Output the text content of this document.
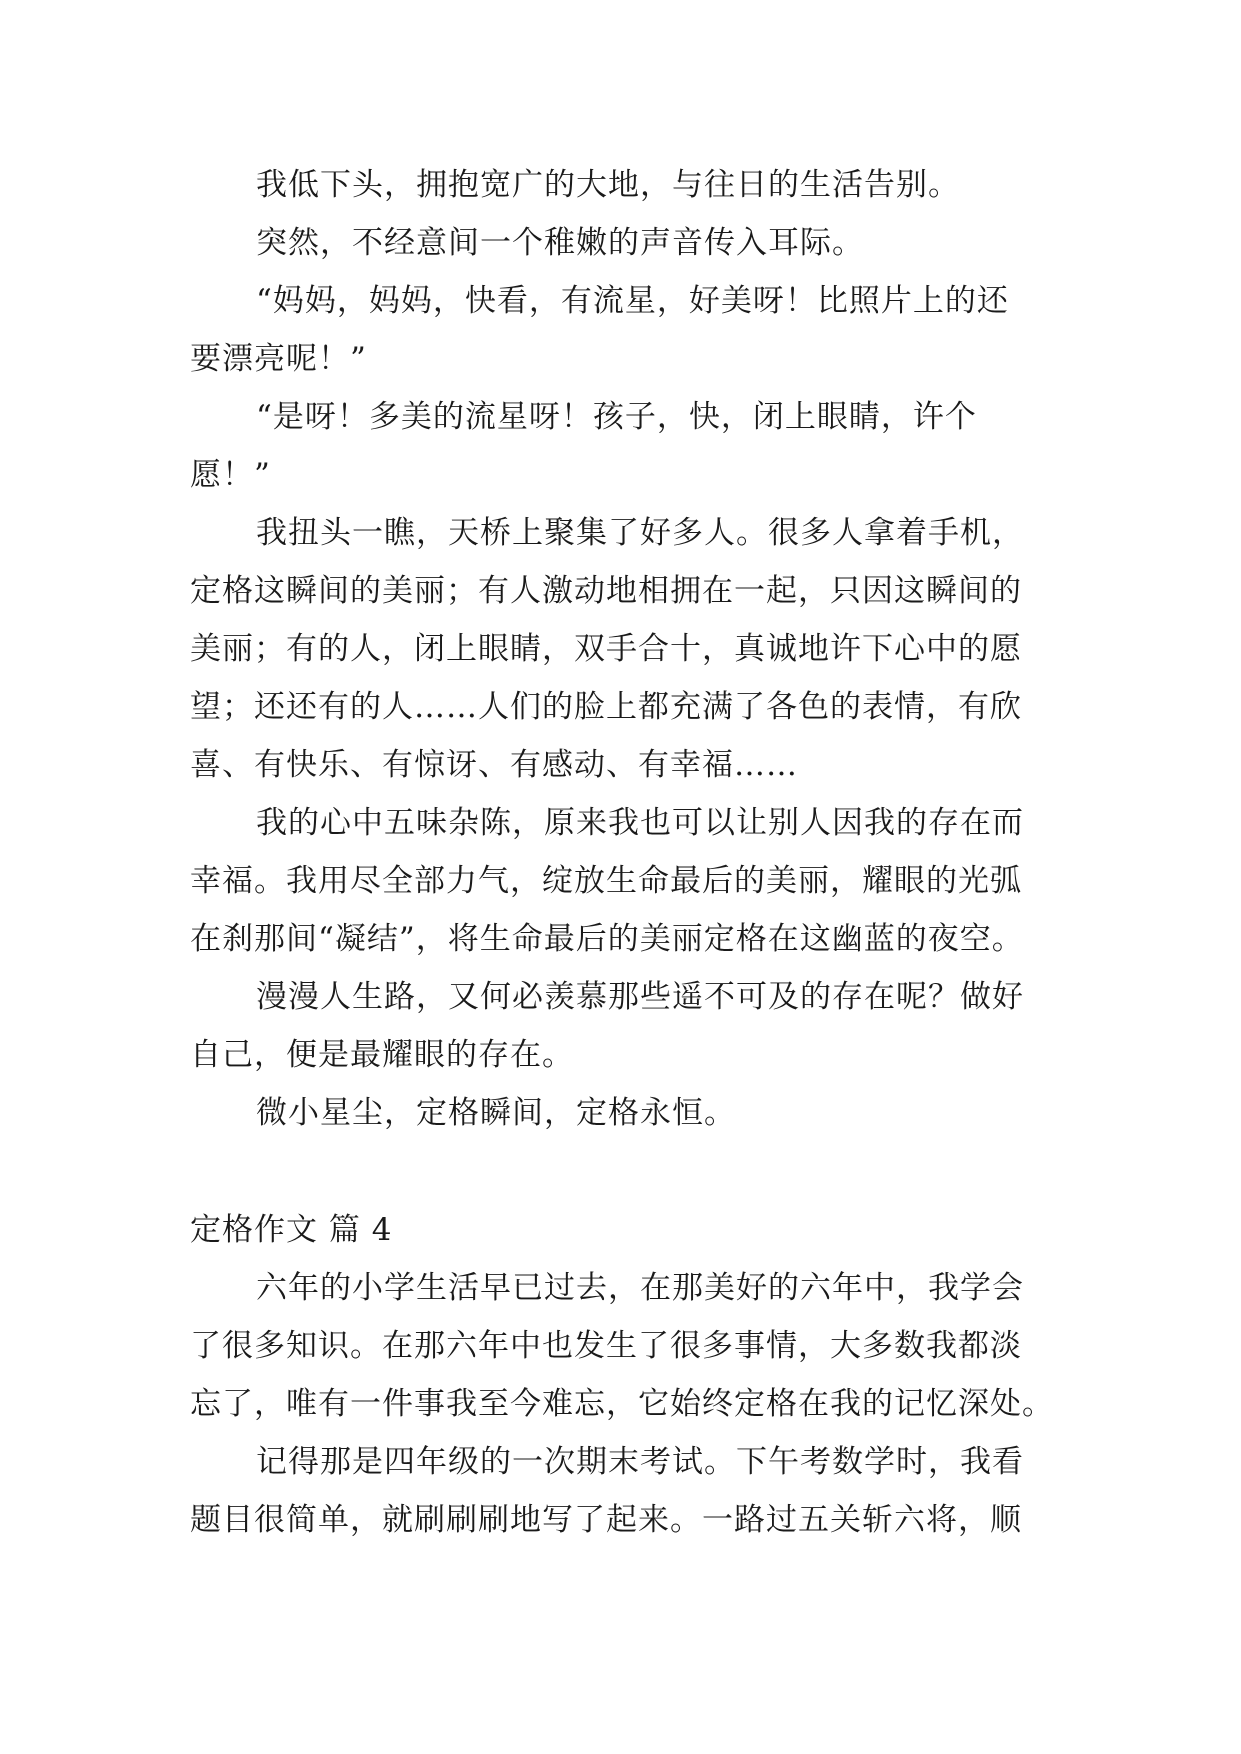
我低下头，拥抱宽广的大地，与往日的生活告别。
突然，不经意间一个稚嫩的声音传入耳际。
“妈妈，妈妈，快看，有流星，好美呀！比照片上的还
要漂亮呢！”
“是呀！多美的流星呀！孩子，快，闭上眼睛，许个
愿！”
我扭头一瞧，天桥上聚集了好多人。很多人拿着手机，
定格这瞬间的美丽；有人激动地相拥在一起，只因这瞬间的
美丽；有的人，闭上眼睛，双手合十，真诚地许下心中的愿
望；还还有的人……人们的脸上都充满了各色的表情，有欣
喜、有快乐、有惊讶、有感动、有幸福……
我的心中五味杂陈，原来我也可以让别人因我的存在而
幸福。我用尽全部力气，绽放生命最后的美丽，耀眼的光弧
在刹那间“凝结”，将生命最后的美丽定格在这幽蓝的夜空。
漫漫人生路，又何必羡慕那些遥不可及的存在呢？做好
自己，便是最耀眼的存在。
微小星尘，定格瞬间，定格永恒。
定格作文 篇 4
六年的小学生活早已过去，在那美好的六年中，我学会
了很多知识。在那六年中也发生了很多事情，大多数我都淡
忘了，唯有一件事我至今难忘，它始终定格在我的记忆深处。
记得那是四年级的一次期末考试。下午考数学时，我看
题目很简单，就刷刷刷地写了起来。一路过五关斩六将，顺
